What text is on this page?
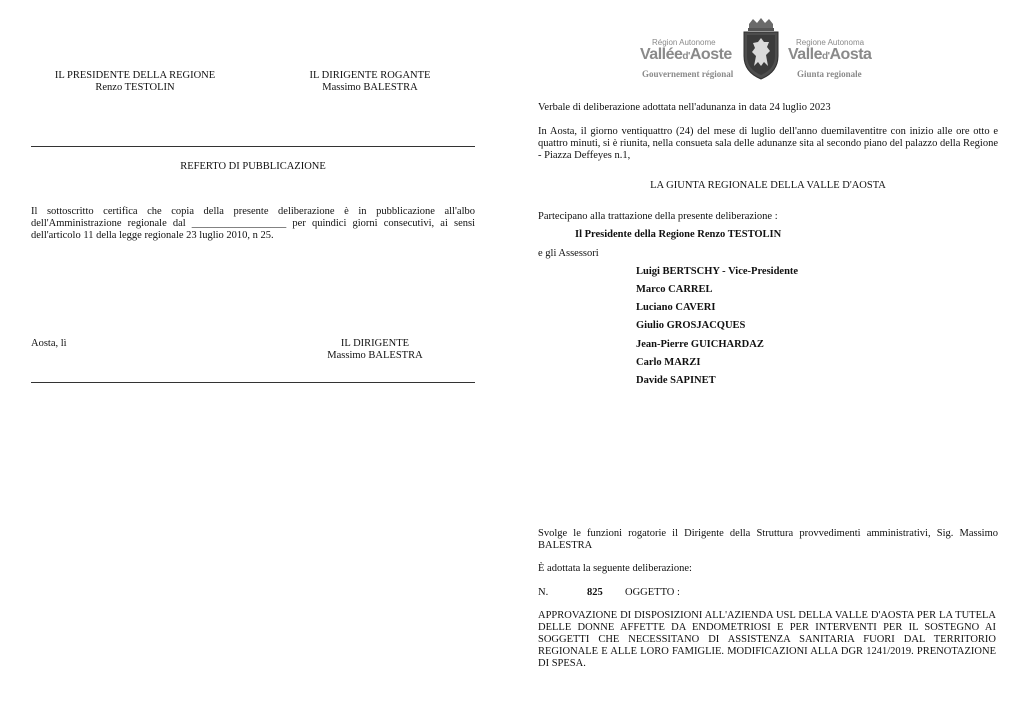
IL PRESIDENTE DELLA REGIONE
Renzo TESTOLIN
IL DIRIGENTE ROGANTE
Massimo BALESTRA
REFERTO DI PUBBLICAZIONE
Il sottoscritto certifica che copia della presente deliberazione è in pubblicazione all'albo dell'Amministrazione regionale dal __________________ per quindici giorni consecutivi, ai sensi dell'articolo 11 della legge regionale 23 luglio 2010, n 25.
Aosta, lì	IL DIRIGENTE
Massimo BALESTRA
Région Autonome
Valléed'Aoste
Gouvernement régional
Regione Autonoma
Valled'Aosta
Giunta regionale
Verbale di deliberazione adottata nell'adunanza in data 24 luglio 2023
In Aosta, il giorno ventiquattro (24) del mese di luglio dell'anno duemilaventitre con inizio alle ore otto e quattro minuti, si è riunita, nella consueta sala delle adunanze sita al secondo piano del palazzo della Regione - Piazza Deffeyes n.1,
LA GIUNTA REGIONALE DELLA VALLE D'AOSTA
Partecipano alla trattazione della presente deliberazione :
Il Presidente della Regione Renzo TESTOLIN
e gli Assessori
Luigi BERTSCHY - Vice-Presidente
Marco CARREL
Luciano CAVERI
Giulio GROSJACQUES
Jean-Pierre GUICHARDAZ
Carlo MARZI
Davide SAPINET
Svolge le funzioni rogatorie il Dirigente della Struttura provvedimenti amministrativi, Sig. Massimo BALESTRA
È adottata la seguente deliberazione:
N.	825 OGGETTO :
APPROVAZIONE DI DISPOSIZIONI ALL'AZIENDA USL DELLA VALLE D'AOSTA PER LA TUTELA DELLE DONNE AFFETTE DA ENDOMETRIOSI E PER INTERVENTI PER IL SOSTEGNO AI SOGGETTI CHE NECESSITANO DI ASSISTENZA SANITARIA FUORI DAL TERRITORIO REGIONALE E ALLE LORO FAMIGLIE. MODIFICAZIONI ALLA DGR 1241/2019. PRENOTAZIONE DI SPESA.
